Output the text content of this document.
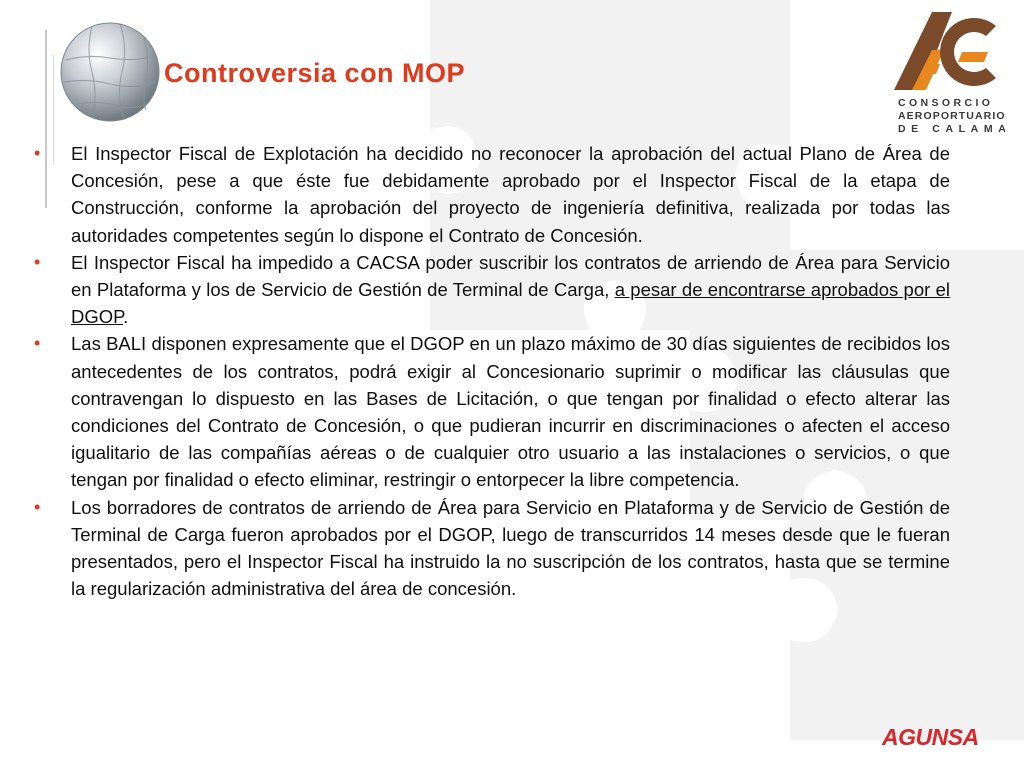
Controversia con MOP
CONSORCIO
AEROPORTUARIO
DE CALAMA
• El Inspector Fiscal de Explotación ha decidido no reconocer la aprobación del actual Plano de Área de Concesión, pese a que éste fue debidamente aprobado por el Inspector Fiscal de la etapa de Construcción, conforme la aprobación del proyecto de ingeniería definitiva, realizada por todas las autoridades competentes según lo dispone el Contrato de Concesión.
• El Inspector Fiscal ha impedido a CACSA poder suscribir los contratos de arriendo de Área para Servicio en Plataforma y los de Servicio de Gestión de Terminal de Carga, a pesar de encontrarse aprobados por el DGOP.
• Las BALI disponen expresamente que el DGOP en un plazo máximo de 30 días siguientes de recibidos los antecedentes de los contratos, podrá exigir al Concesionario suprimir o modificar las cláusulas que contravengan lo dispuesto en las Bases de Licitación, o que tengan por finalidad o efecto alterar las condiciones del Contrato de Concesión, o que pudieran incurrir en discriminaciones o afecten el acceso igualitario de las compañías aéreas o de cualquier otro usuario a las instalaciones o servicios, o que tengan por finalidad o efecto eliminar, restringir o entorpecer la libre competencia.
• Los borradores de contratos de arriendo de Área para Servicio en Plataforma y de Servicio de Gestión de Terminal de Carga fueron aprobados por el DGOP, luego de transcurridos 14 meses desde que le fueran presentados, pero el Inspector Fiscal ha instruido la no suscripción de los contratos, hasta que se termine la regularización administrativa del área de concesión.
AGUNSA
